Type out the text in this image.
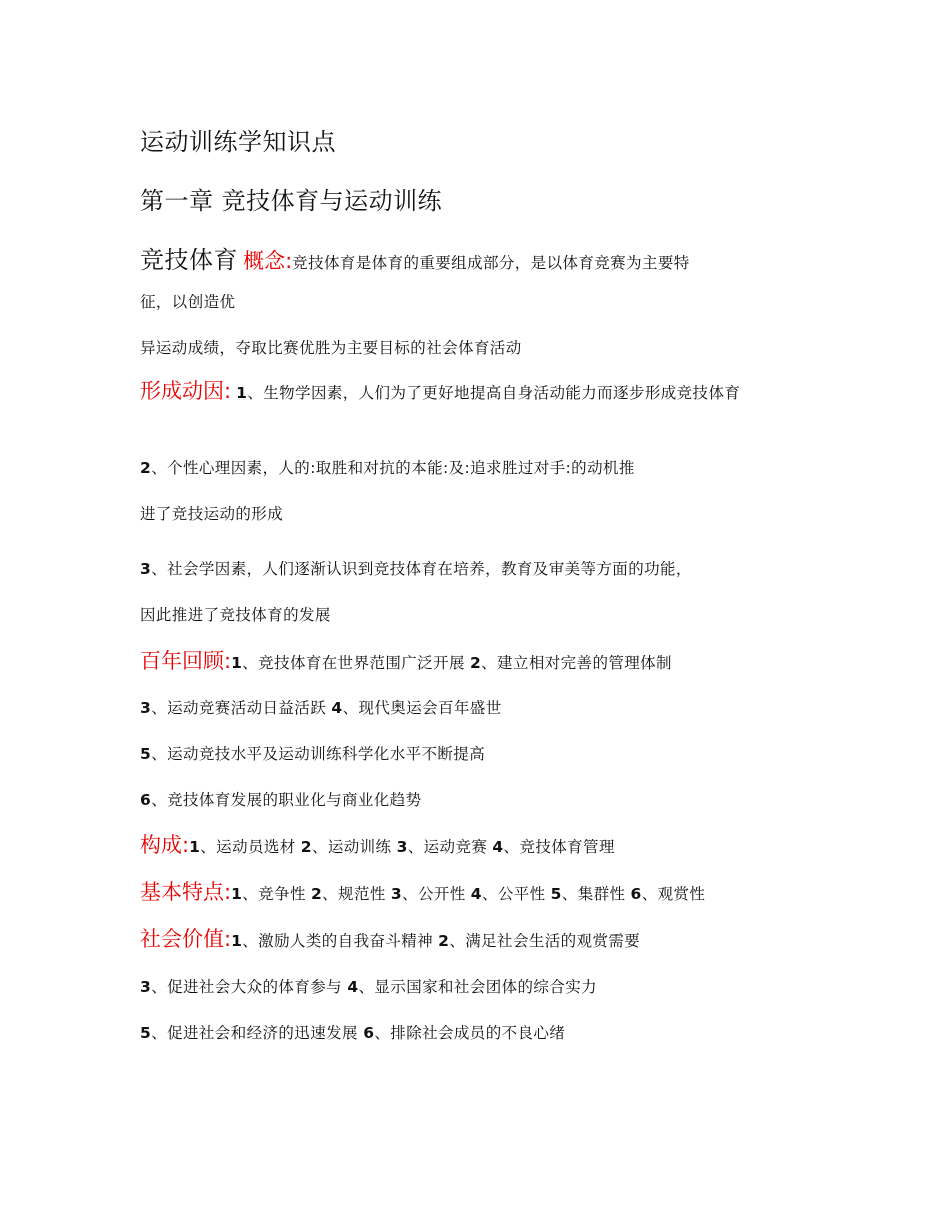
运动训练学知识点
第一章 竞技体育与运动训练
竞技体育 概念:竞技体育是体育的重要组成部分，是以体育竞赛为主要特
征，以创造优
异运动成绩，夺取比赛优胜为主要目标的社会体育活动
形成动因: 1、生物学因素，人们为了更好地提高自身活动能力而逐步形成竞技体育
2、个性心理因素，人的:取胜和对抗的本能:及:追求胜过对手:的动机推
进了竞技运动的形成
3、社会学因素，人们逐渐认识到竞技体育在培养，教育及审美等方面的功能，
因此推进了竞技体育的发展
百年回顾:1、竞技体育在世界范围广泛开展 2、建立相对完善的管理体制
3、运动竞赛活动日益活跃 4、现代奥运会百年盛世
5、运动竞技水平及运动训练科学化水平不断提高
6、竞技体育发展的职业化与商业化趋势
构成:1、运动员选材 2、运动训练 3、运动竞赛 4、竞技体育管理
基本特点:1、竞争性 2、规范性 3、公开性 4、公平性 5、集群性 6、观赏性
社会价值:1、激励人类的自我奋斗精神 2、满足社会生活的观赏需要
3、促进社会大众的体育参与 4、显示国家和社会团体的综合实力
5、促进社会和经济的迅速发展 6、排除社会成员的不良心绪
